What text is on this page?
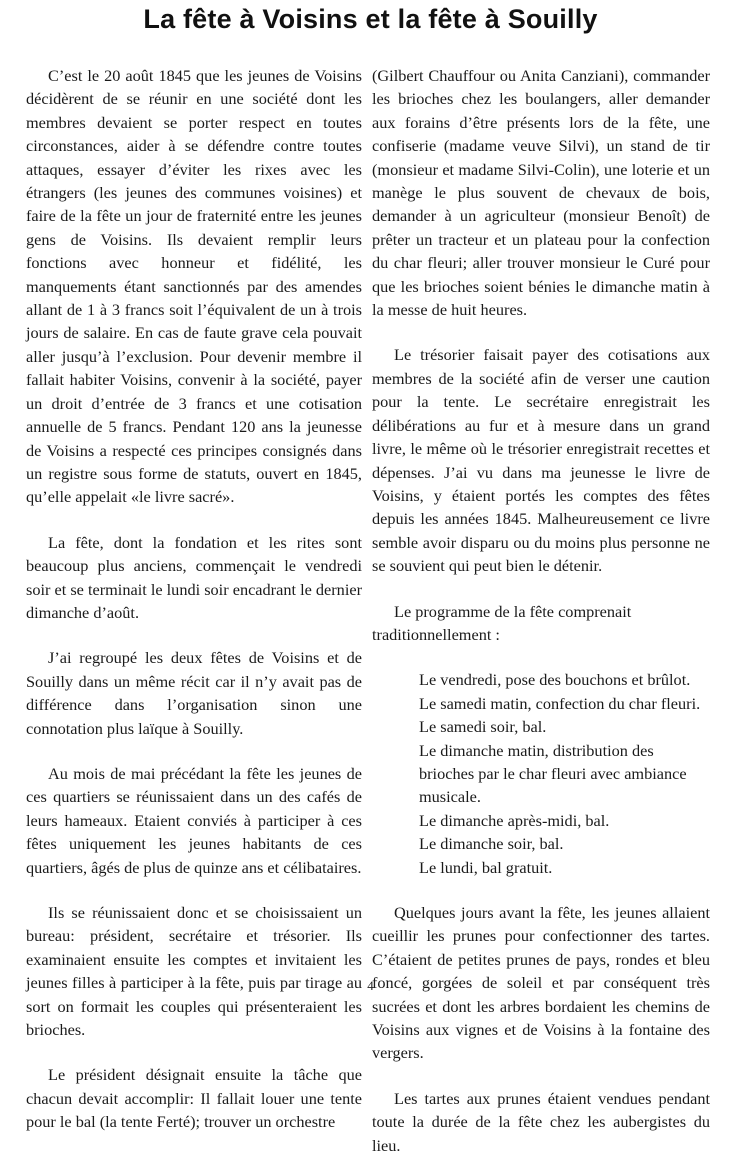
La fête à Voisins et la fête à Souilly

C’est le 20 août 1845 que les jeunes de Voisins décidèrent de se réunir en une société dont les membres devaient se porter respect en toutes circonstances, aider à se défendre contre toutes attaques, essayer d’éviter les rixes avec les étrangers (les jeunes des communes voisines) et faire de la fête un jour de fraternité entre les jeunes gens de Voisins. Ils devaient remplir leurs fonctions avec honneur et fidélité, les manquements étant sanctionnés par des amendes allant de 1 à 3 francs soit l’équivalent de un à trois jours de salaire. En cas de faute grave cela pouvait aller jusqu’à l’exclusion. Pour devenir membre il fallait habiter Voisins, convenir à la société, payer un droit d’entrée de 3 francs et une cotisation annuelle de 5 francs. Pendant 120 ans la jeunesse de Voisins a respecté ces principes consignés dans un registre sous forme de statuts, ouvert en 1845, qu’elle appelait «le livre sacré».

La fête, dont la fondation et les rites sont beaucoup plus anciens, commençait le vendredi soir et se terminait le lundi soir encadrant le dernier dimanche d’août.

J’ai regroupé les deux fêtes de Voisins et de Souilly dans un même récit car il n’y avait pas de différence dans l’organisation sinon une connotation plus laïque à Souilly.

Au mois de mai précédant la fête les jeunes de ces quartiers se réunissaient dans un des cafés de leurs hameaux. Etaient conviés à participer à ces fêtes uniquement les jeunes habitants de ces quartiers, âgés de plus de quinze ans et célibataires.

Ils se réunissaient donc et se choisissaient un bureau: président, secrétaire et trésorier. Ils examinaient ensuite les comptes et invitaient les jeunes filles à participer à la fête, puis par tirage au sort on formait les couples qui présenteraient les brioches.

Le président désignait ensuite la tâche que chacun devait accomplir: Il fallait louer une tente pour le bal (la tente Ferté); trouver un orchestre

(Gilbert Chauffour ou Anita Canziani), commander les brioches chez les boulangers, aller demander aux forains d’être présents lors de la fête, une confiserie (madame veuve Silvi), un stand de tir (monsieur et madame Silvi-Colin), une loterie et un manège le plus souvent de chevaux de bois, demander à un agriculteur (monsieur Benoît) de prêter un tracteur et un plateau pour la confection du char fleuri; aller trouver monsieur le Curé pour que les brioches soient bénies le dimanche matin à la messe de huit heures.

Le trésorier faisait payer des cotisations aux membres de la société afin de verser une caution pour la tente. Le secrétaire enregistrait les délibérations au fur et à mesure dans un grand livre, le même où le trésorier enregistrait recettes et dépenses. J’ai vu dans ma jeunesse le livre de Voisins, y étaient portés les comptes des fêtes depuis les années 1845. Malheureusement ce livre semble avoir disparu ou du moins plus personne ne se souvient qui peut bien le détenir.

Le programme de la fête comprenait traditionnellement :

Le vendredi, pose des bouchons et brûlot.
Le samedi matin, confection du char fleuri.
Le samedi soir, bal.
Le dimanche matin, distribution des brioches par le char fleuri avec ambiance musicale.
Le dimanche après-midi, bal.
Le dimanche soir, bal.
Le lundi, bal gratuit.

Quelques jours avant la fête, les jeunes allaient cueillir les prunes pour confectionner des tartes. C’étaient de petites prunes de pays, rondes et bleu foncé, gorgées de soleil et par conséquent très sucrées et dont les arbres bordaient les chemins de Voisins aux vignes et de Voisins à la fontaine des vergers.

Les tartes aux prunes étaient vendues pendant toute la durée de la fête chez les aubergistes du lieu.

4
